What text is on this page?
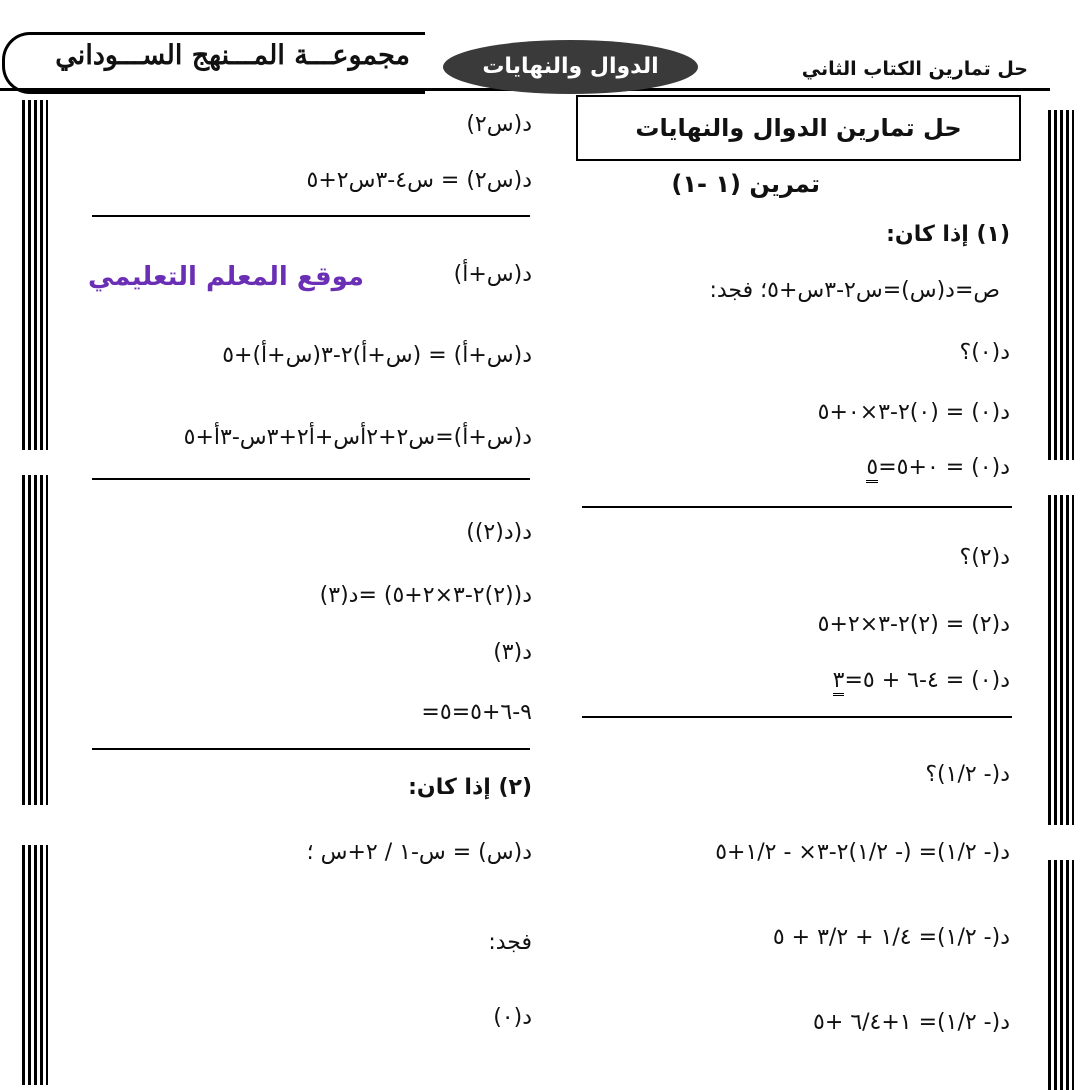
مجموعـــة المـــنهج الســـوداني	الدوال والنهايات	حل تمارين الكتاب الثاني
حل تمارين الدوال والنهايات
تمرين (١ -١)
(١) إذا كان:
ص=د(س)=س٢-٣س+٥؛ فجد:
د(٠)؟
د(٠) = (٠)٢-٣×٠+٥
د(٠) = ٠+٥=٥
د(٢)؟
د(٢) = (٢)٢-٣×٢+٥
د(٠) = ٤-٦ + ٥=٣
د(- ١/٢)؟
د(- ١/٢)= (- ١/٢)٢-٣× - ١/٢+٥
د(- ١/٢)= ١/٤ + ٣/٢ + ٥
د(- ١/٢)= ١+٦/٤ +٥
د(س٢)
د(س٢) = س٤-٣س٢+٥
د(س+أ)
موقع المعلم التعليمي
د(س+أ) = (س+أ)٢-٣(س+أ)+٥
د(س+أ)=س٢+٢أس+أ٢+٣س-٣أ+٥
د(د(٢))
د((٢)٢-٣×٢+٥) =د(٣)
د(٣)
=٩-٦+٥=٥
(٢) إذا كان:
د(س) = س-١ / ٢+س ؛
فجد:
د(٠)
